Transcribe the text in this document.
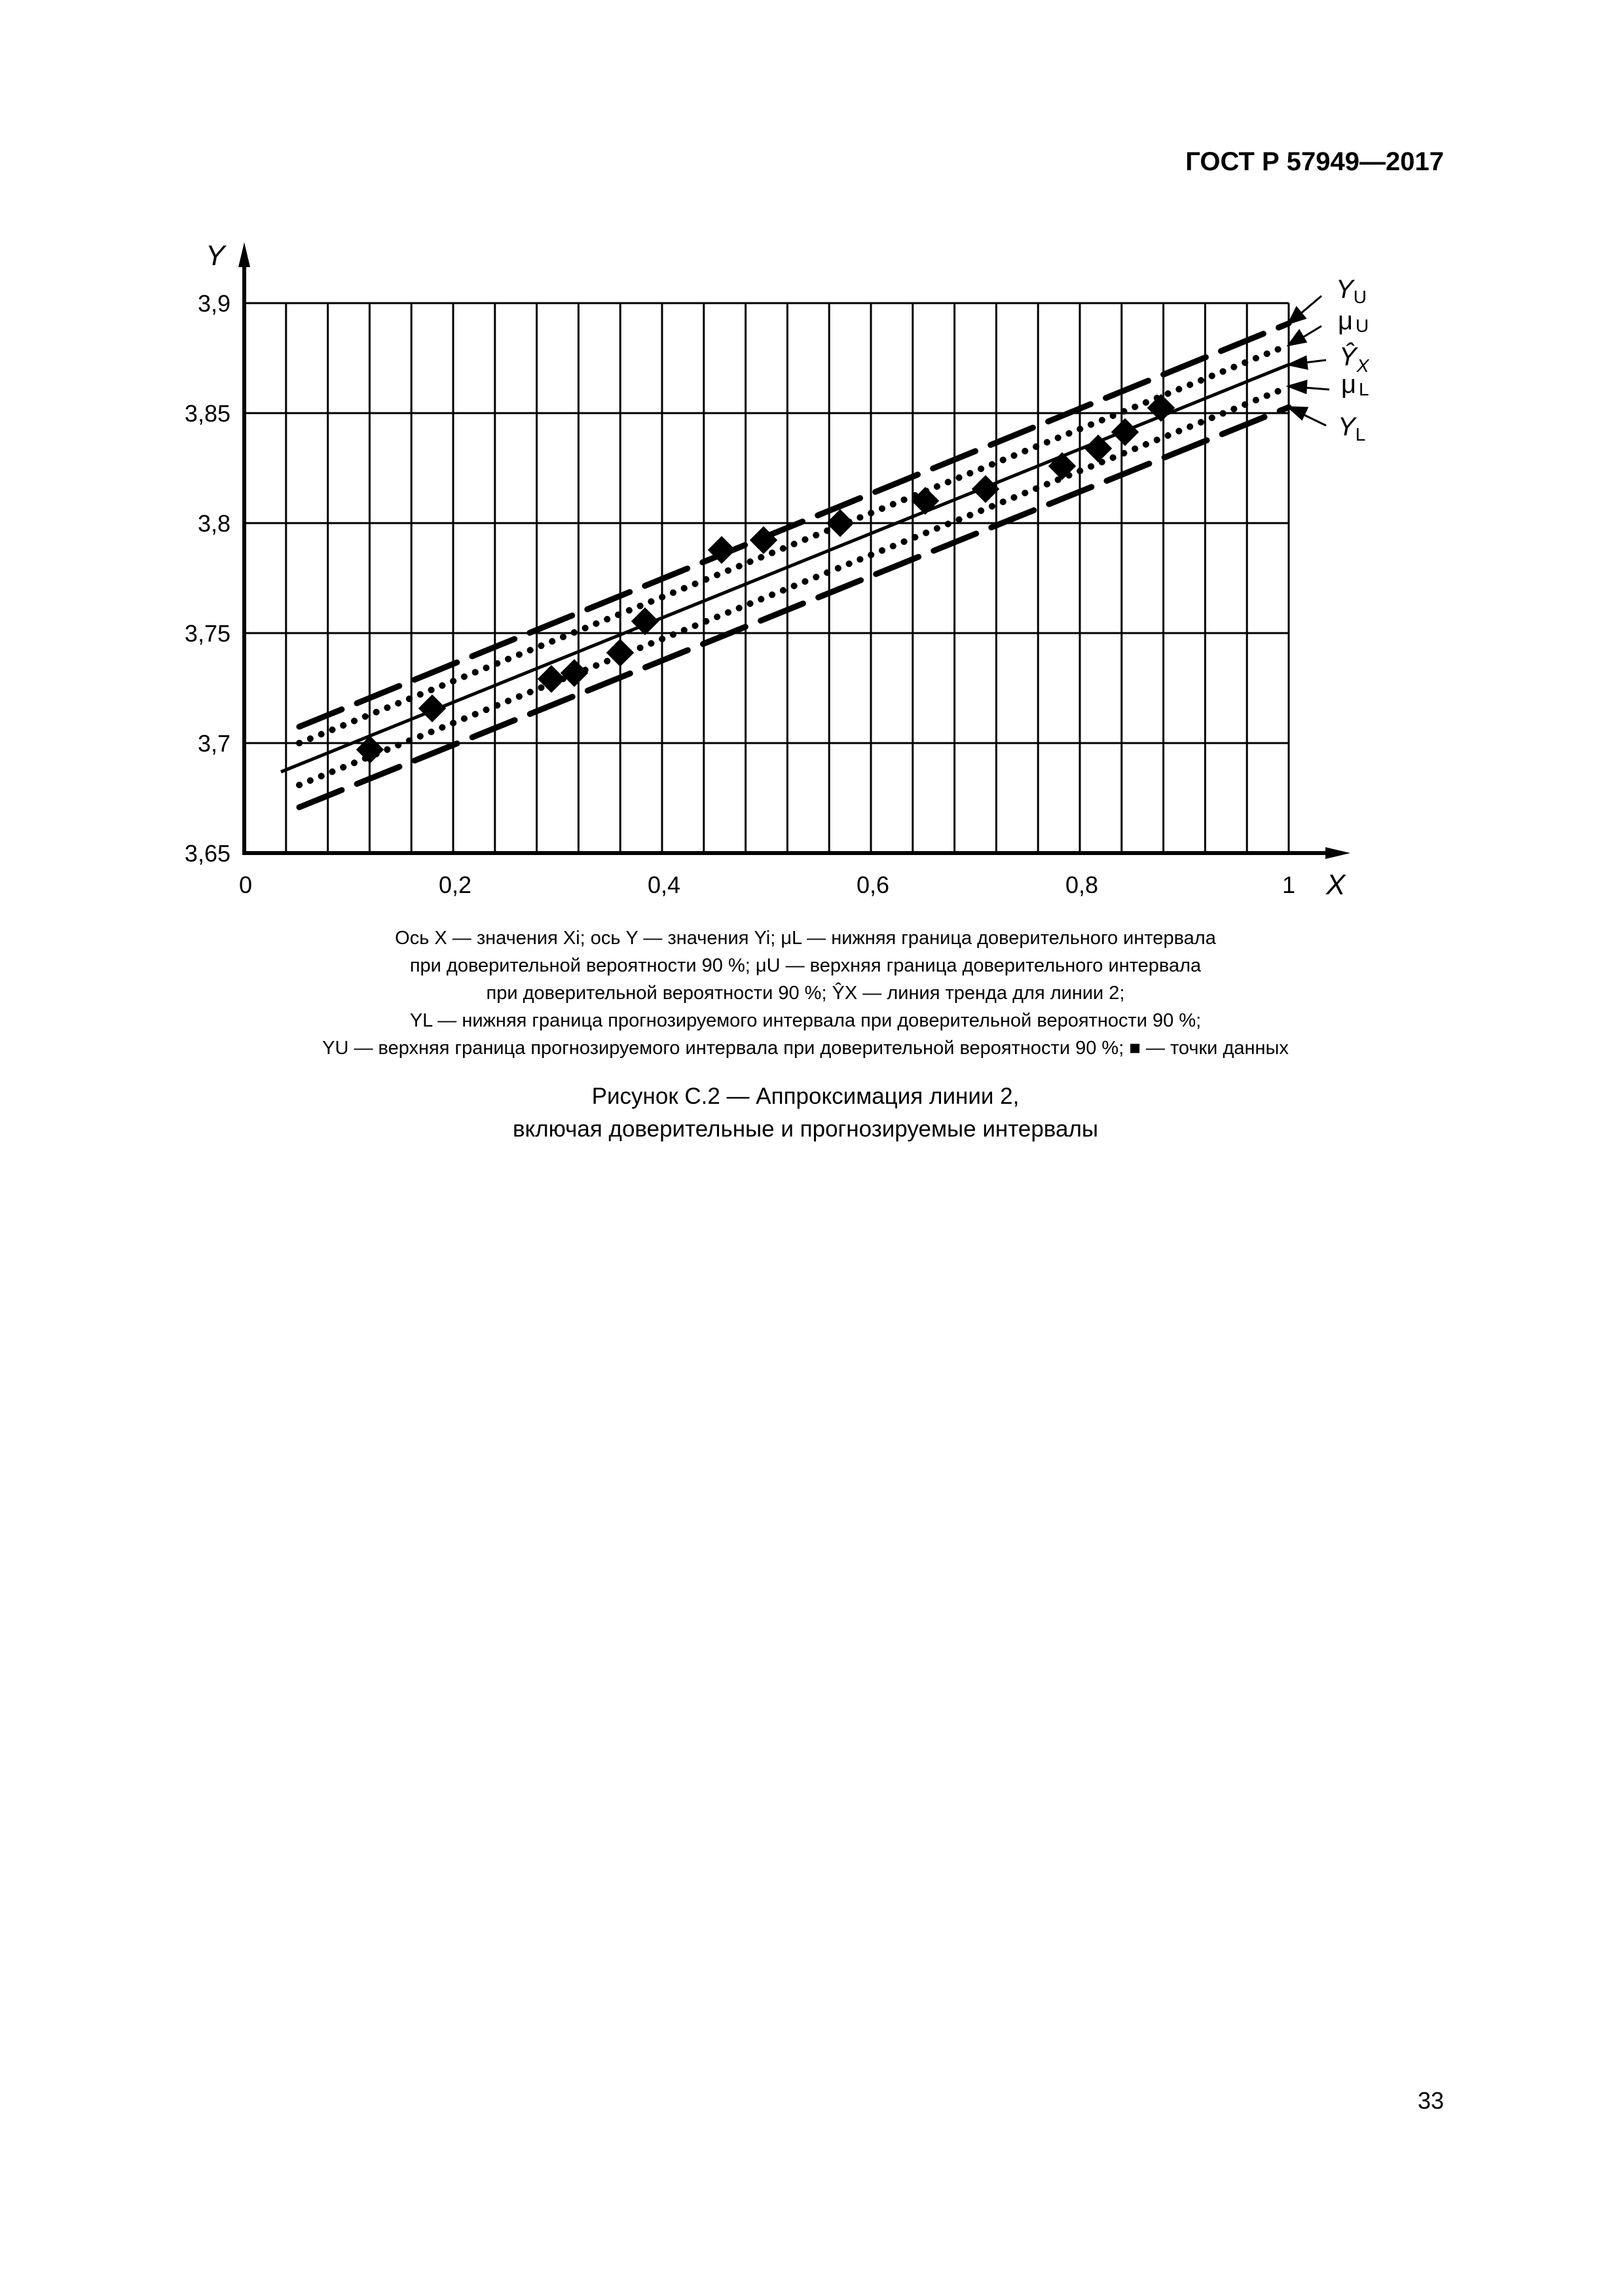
ГОСТ Р 57949—2017
Y
X
3,9
3,85
3,8
3,75
3,7
3,65
0	0,2	0,4	0,6	0,8	1
$Y_U$
μ U
$Ŷ_X$
μ L
$Y_L$
Ось X — значения Xi; ось Y — значения Yi; μL — нижняя граница доверительного интервала
при доверительной вероятности 90 %; μU — верхняя граница доверительного интервала
при доверительной вероятности 90 %; ŶX — линия тренда для линии 2;
YL — нижняя граница прогнозируемого интервала при доверительной вероятности 90 %;
YU — верхняя граница прогнозируемого интервала при доверительной вероятности 90 %; ■ — точки данных
Рисунок С.2 — Аппроксимация линии 2,
включая доверительные и прогнозируемые интервалы
33
